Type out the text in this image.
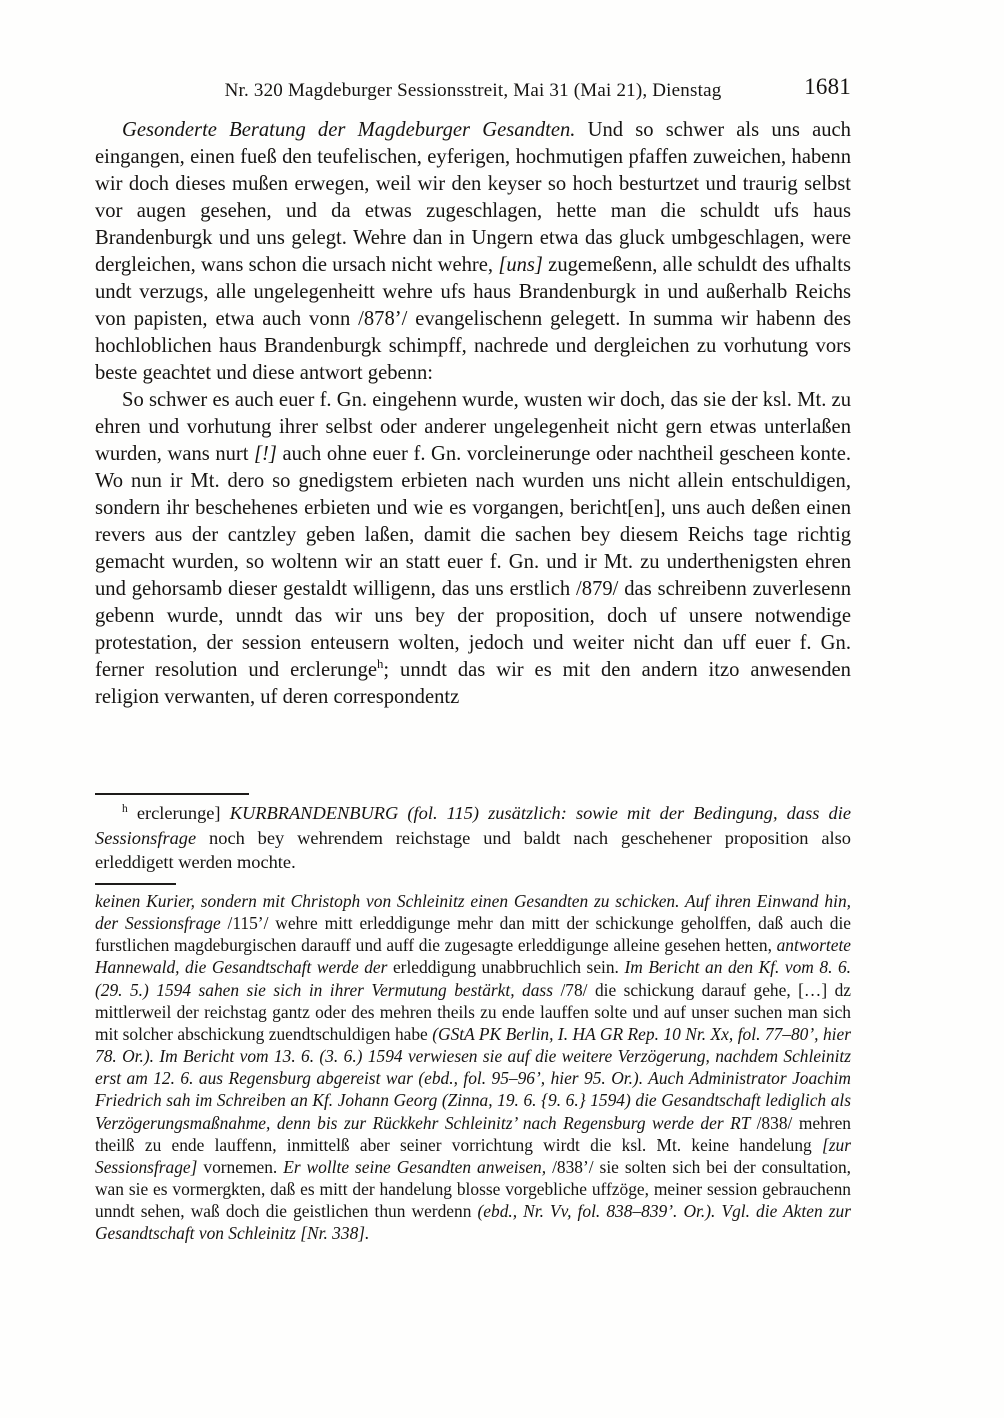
Nr. 320 Magdeburger Sessionsstreit, Mai 31 (Mai 21), Dienstag	1681

Gesonderte Beratung der Magdeburger Gesandten. Und so schwer als uns auch eingangen, einen fueß den teufelischen, eyferigen, hochmutigen pfaffen zuweichen, habenn wir doch dieses mußen erwegen, weil wir den keyser so hoch besturtzet und traurig selbst vor augen gesehen, und da etwas zugeschlagen, hette man die schuldt ufs haus Brandenburgk und uns gelegt. Wehre dan in Ungern etwa das gluck umbgeschlagen, were dergleichen, wans schon die ursach nicht wehre, [uns] zugemeßenn, alle schuldt des ufhalts undt verzugs, alle ungelegenheitt wehre ufs haus Brandenburgk in und außerhalb Reichs von papisten, etwa auch vonn /878’/ evangelischenn gelegett. In summa wir habenn des hochloblichen haus Brandenburgk schimpff, nachrede und dergleichen zu vorhutung vors beste geachtet und diese antwort gebenn:

So schwer es auch euer f. Gn. eingehenn wurde, wusten wir doch, das sie der ksl. Mt. zu ehren und vorhutung ihrer selbst oder anderer ungelegenheit nicht gern etwas unterlaßen wurden, wans nurt [!] auch ohne euer f. Gn. vorcleinerunge oder nachtheil gescheen konte. Wo nun ir Mt. dero so gnedigstem erbieten nach wurden uns nicht allein entschuldigen, sondern ihr beschehenes erbieten und wie es vorgangen, bericht[en], uns auch deßen einen revers aus der cantzley geben laßen, damit die sachen bey diesem Reichs tage richtig gemacht wurden, so woltenn wir an statt euer f. Gn. und ir Mt. zu underthenigsten ehren und gehorsamb dieser gestaldt willigenn, das uns erstlich /879/ das schreibenn zuverlesenn gebenn wurde, unndt das wir uns bey der proposition, doch uf unsere notwendige protestation, der session enteusern wolten, jedoch und weiter nicht dan uff euer f. Gn. ferner resolution und erclerunge$^h$; unndt das wir es mit den andern itzo anwesenden religion verwanten, uf deren correspondentz

$^h$ erclerunge] KURBRANDENBURG (fol. 115) zusätzlich: sowie mit der Bedingung, dass die Sessionsfrage noch bey wehrendem reichstage und baldt nach geschehener proposition also erleddigett werden mochte.

keinen Kurier, sondern mit Christoph von Schleinitz einen Gesandten zu schicken. Auf ihren Einwand hin, der Sessionsfrage /115’/ wehre mitt erleddigunge mehr dan mitt der schickunge geholffen, daß auch die furstlichen magdeburgischen darauff und auff die zugesagte erleddigunge alleine gesehen hetten, antwortete Hannewald, die Gesandtschaft werde der erleddigung unabbruchlich sein. Im Bericht an den Kf. vom 8. 6. (29. 5.) 1594 sahen sie sich in ihrer Vermutung bestärkt, dass /78/ die schickung darauf gehe, […] dz mittlerweil der reichstag gantz oder des mehren theils zu ende lauffen solte und auf unser suchen man sich mit solcher abschickung zuendtschuldigen habe (GStA PK Berlin, I. HA GR Rep. 10 Nr. Xx, fol. 77–80’, hier 78. Or.). Im Bericht vom 13. 6. (3. 6.) 1594 verwiesen sie auf die weitere Verzögerung, nachdem Schleinitz erst am 12. 6. aus Regensburg abgereist war (ebd., fol. 95–96’, hier 95. Or.). Auch Administrator Joachim Friedrich sah im Schreiben an Kf. Johann Georg (Zinna, 19. 6. {9. 6.} 1594) die Gesandtschaft lediglich als Verzögerungsmaßnahme, denn bis zur Rückkehr Schleinitz’ nach Regensburg werde der RT /838/ mehren theilß zu ende lauffenn, inmittelß aber seiner vorrichtung wirdt die ksl. Mt. keine handelung [zur Sessionsfrage] vornemen. Er wollte seine Gesandten anweisen, /838’/ sie solten sich bei der consultation, wan sie es vormergkten, daß es mitt der handelung blosse vorgebliche uffzöge, meiner session gebrauchenn unndt sehen, waß doch die geistlichen thun werdenn (ebd., Nr. Vv, fol. 838–839’. Or.). Vgl. die Akten zur Gesandtschaft von Schleinitz [Nr. 338].
